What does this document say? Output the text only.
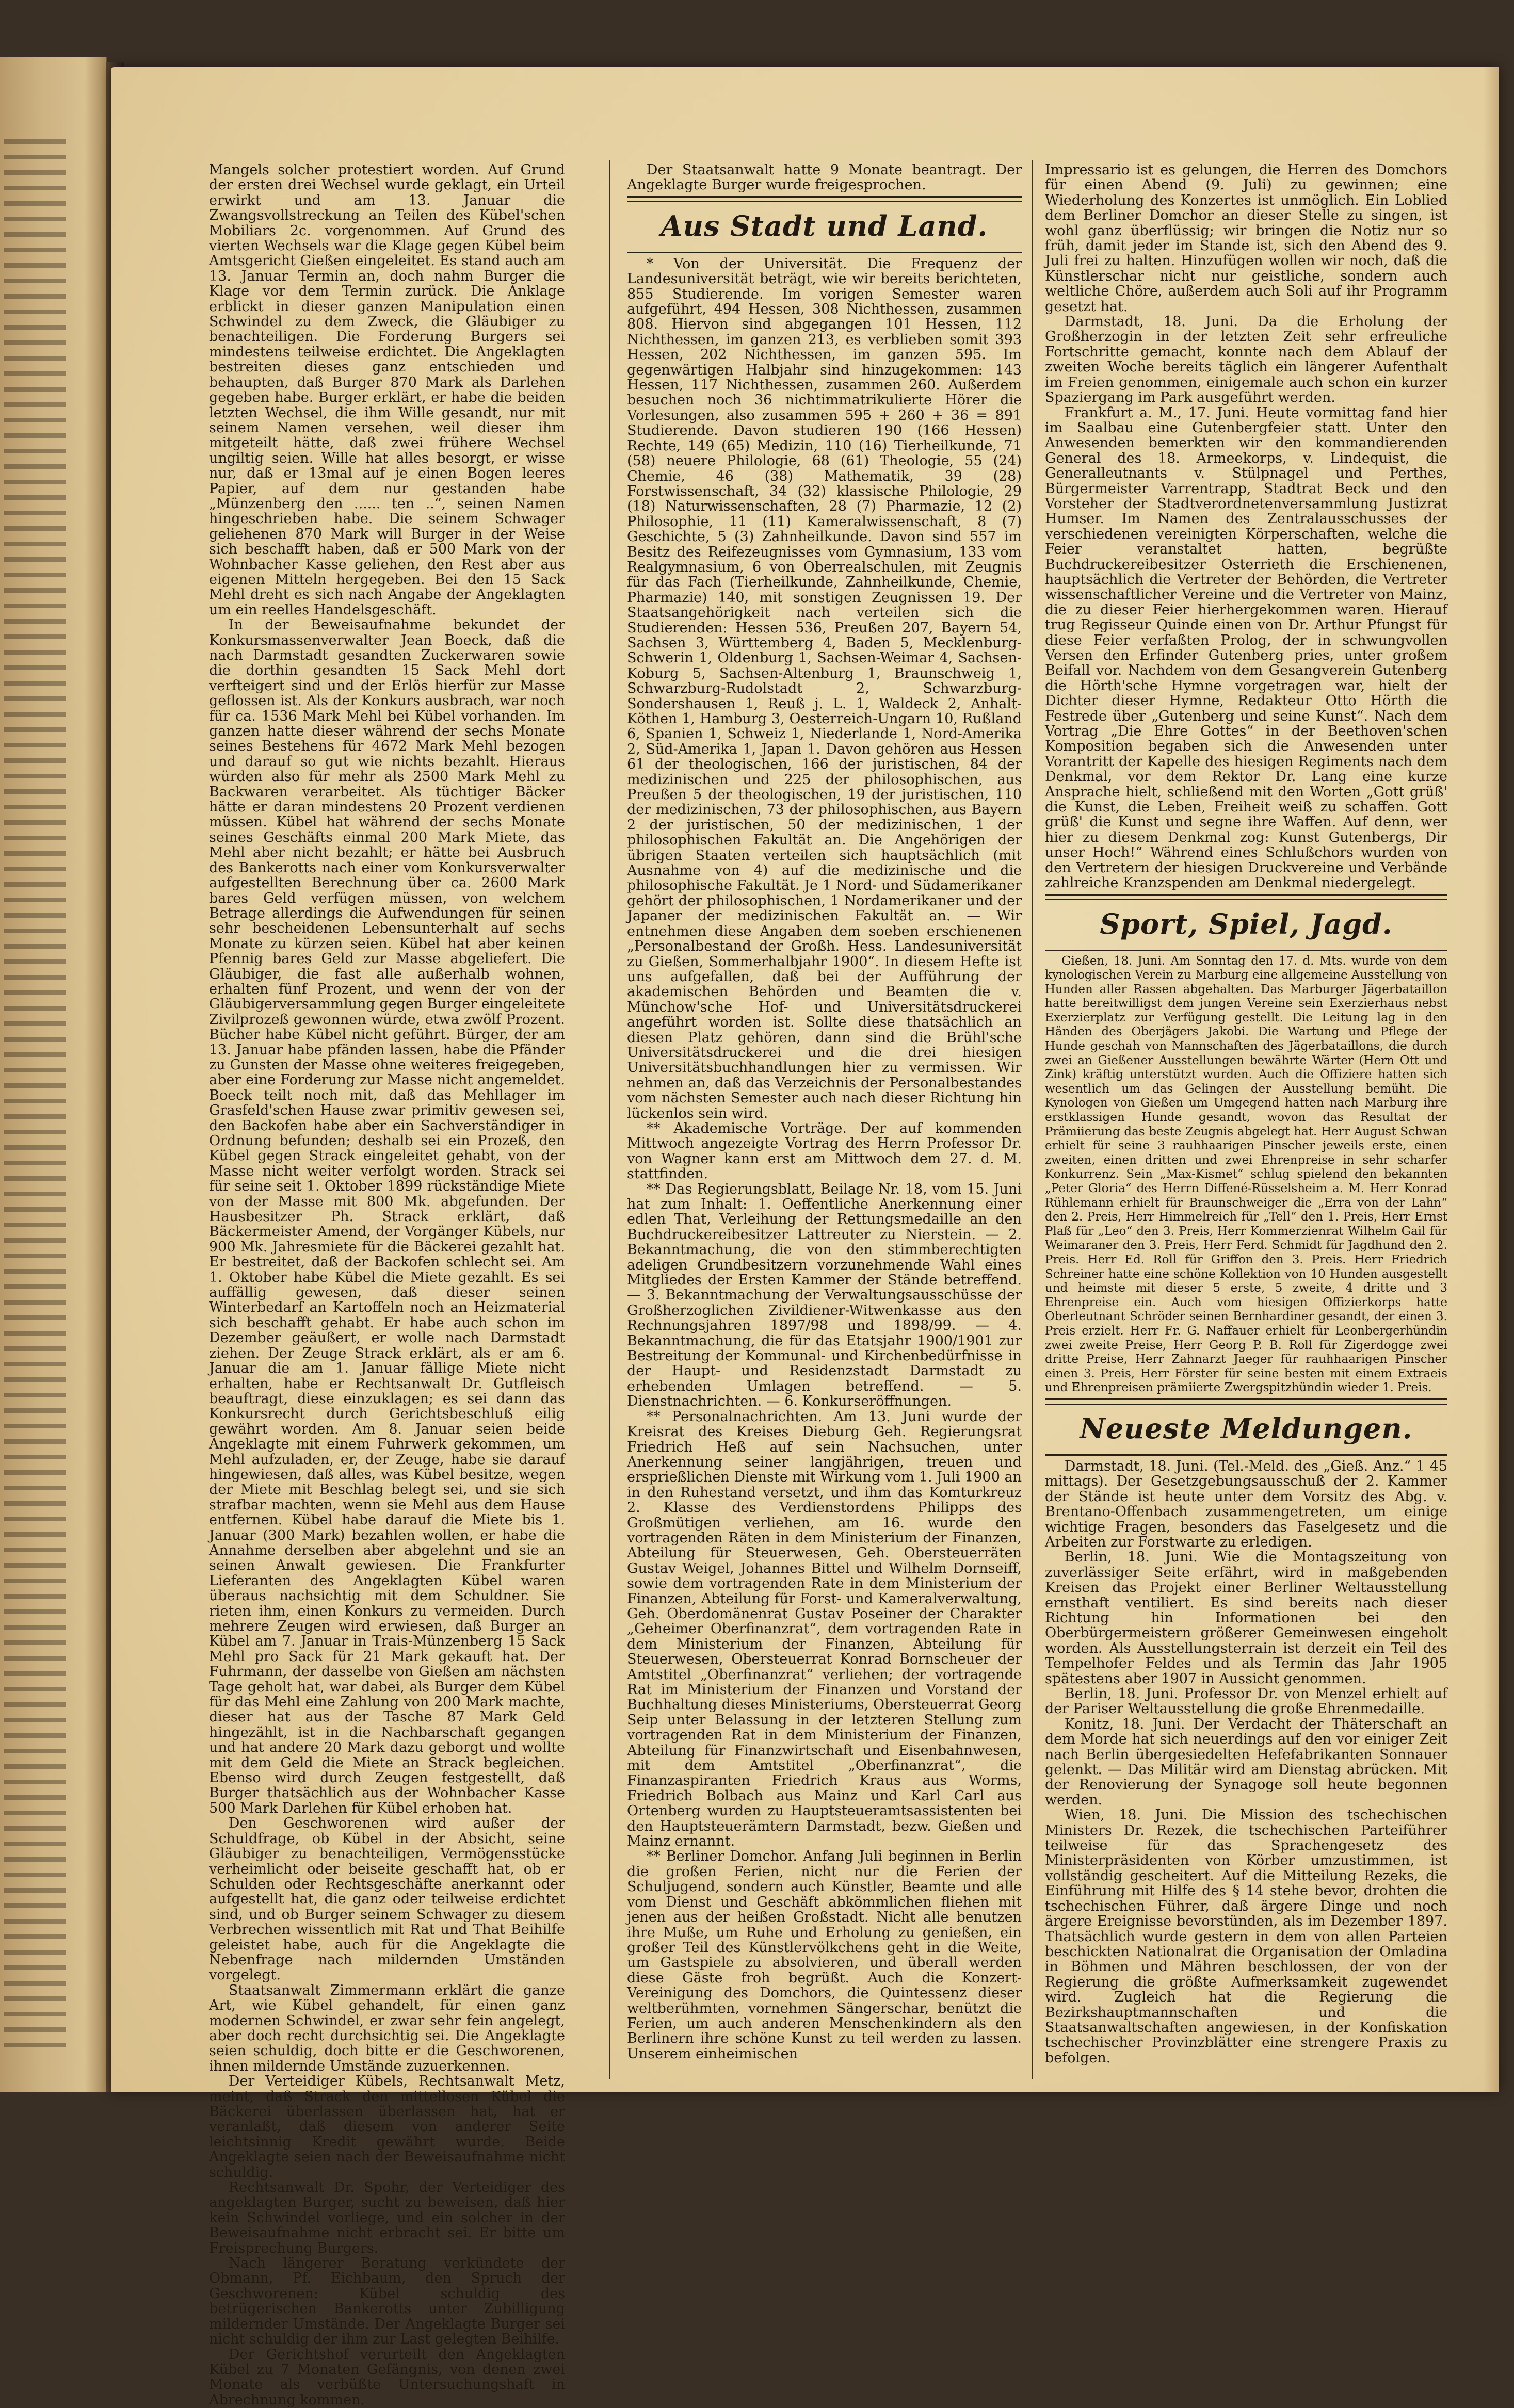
Mangels solcher protestiert worden. Auf Grund der ersten drei Wechsel wurde geklagt, ein Urteil erwirkt und am 13. Januar die Zwangsvollstreckung an Teilen des Kübel'schen Mobiliars 2c. vorgenommen. Auf Grund des vierten Wechsels war die Klage gegen Kübel beim Amtsgericht Gießen eingeleitet. Es stand auch am 13. Januar Termin an, doch nahm Burger die Klage vor dem Termin zurück. Die Anklage erblickt in dieser ganzen Manipulation einen Schwindel zu dem Zweck, die Gläubiger zu benachteiligen. Die Forderung Burgers sei mindestens teilweise erdichtet. Die Angeklagten bestreiten dieses ganz entschieden und behaupten, daß Burger 870 Mark als Darlehen gegeben habe. Burger erklärt, er habe die beiden letzten Wechsel, die ihm Wille gesandt, nur mit seinem Namen versehen, weil dieser ihm mitgeteilt hätte, daß zwei frühere Wechsel ungiltig seien. Wille hat alles besorgt, er wisse nur, daß er 13mal auf je einen Bogen leeres Papier, auf dem nur gestanden habe „Münzenberg den ...... ten ..“, seinen Namen hingeschrieben habe. Die seinem Schwager geliehenen 870 Mark will Burger in der Weise sich beschafft haben, daß er 500 Mark von der Wohnbacher Kasse geliehen, den Rest aber aus eigenen Mitteln hergegeben. Bei den 15 Sack Mehl dreht es sich nach Angabe der Angeklagten um ein reelles Handelsgeschäft.

In der Beweisaufnahme bekundet der Konkursmassenverwalter Jean Boeck, daß die nach Darmstadt gesandten Zuckerwaren sowie die dorthin gesandten 15 Sack Mehl dort verfteigert sind und der Erlös hierfür zur Masse geflossen ist. Als der Konkurs ausbrach, war noch für ca. 1536 Mark Mehl bei Kübel vorhanden. Im ganzen hatte dieser während der sechs Monate seines Bestehens für 4672 Mark Mehl bezogen und darauf so gut wie nichts bezahlt. Hieraus würden also für mehr als 2500 Mark Mehl zu Backwaren verarbeitet. Als tüchtiger Bäcker hätte er daran mindestens 20 Prozent verdienen müssen. Kübel hat während der sechs Monate seines Geschäfts einmal 200 Mark Miete, das Mehl aber nicht bezahlt; er hätte bei Ausbruch des Bankerotts nach einer vom Konkursverwalter aufgestellten Berechnung über ca. 2600 Mark bares Geld verfügen müssen, von welchem Betrage allerdings die Aufwendungen für seinen sehr bescheidenen Lebensunterhalt auf sechs Monate zu kürzen seien. Kübel hat aber keinen Pfennig bares Geld zur Masse abgeliefert. Die Gläubiger, die fast alle außerhalb wohnen, erhalten fünf Prozent, und wenn der von der Gläubigerversammlung gegen Burger eingeleitete Zivilprozeß gewonnen würde, etwa zwölf Prozent. Bücher habe Kübel nicht geführt. Bürger, der am 13. Januar habe pfänden lassen, habe die Pfänder zu Gunsten der Masse ohne weiteres freigegeben, aber eine Forderung zur Masse nicht angemeldet. Boeck teilt noch mit, daß das Mehllager im Grasfeld'schen Hause zwar primitiv gewesen sei, den Backofen habe aber ein Sachverständiger in Ordnung befunden; deshalb sei ein Prozeß, den Kübel gegen Strack eingeleitet gehabt, von der Masse nicht weiter verfolgt worden. Strack sei für seine seit 1. Oktober 1899 rückständige Miete von der Masse mit 800 Mk. abgefunden. Der Hausbesitzer Ph. Strack erklärt, daß Bäckermeister Amend, der Vorgänger Kübels, nur 900 Mk. Jahresmiete für die Bäckerei gezahlt hat. Er bestreitet, daß der Backofen schlecht sei. Am 1. Oktober habe Kübel die Miete gezahlt. Es sei auffällig gewesen, daß dieser seinen Winterbedarf an Kartoffeln noch an Heizmaterial sich beschafft gehabt. Er habe auch schon im Dezember geäußert, er wolle nach Darmstadt ziehen. Der Zeuge Strack erklärt, als er am 6. Januar die am 1. Januar fällige Miete nicht erhalten, habe er Rechtsanwalt Dr. Gutfleisch beauftragt, diese einzuklagen; es sei dann das Konkursrecht durch Gerichtsbeschluß eilig gewährt worden. Am 8. Januar seien beide Angeklagte mit einem Fuhrwerk gekommen, um Mehl aufzuladen, er, der Zeuge, habe sie darauf hingewiesen, daß alles, was Kübel besitze, wegen der Miete mit Beschlag belegt sei, und sie sich strafbar machten, wenn sie Mehl aus dem Hause entfernen. Kübel habe darauf die Miete bis 1. Januar (300 Mark) bezahlen wollen, er habe die Annahme derselben aber abgelehnt und sie an seinen Anwalt gewiesen. Die Frankfurter Lieferanten des Angeklagten Kübel waren überaus nachsichtig mit dem Schuldner. Sie rieten ihm, einen Konkurs zu vermeiden. Durch mehrere Zeugen wird erwiesen, daß Burger an Kübel am 7. Januar in Trais-Münzenberg 15 Sack Mehl pro Sack für 21 Mark gekauft hat. Der Fuhrmann, der dasselbe von Gießen am nächsten Tage geholt hat, war dabei, als Burger dem Kübel für das Mehl eine Zahlung von 200 Mark machte, dieser hat aus der Tasche 87 Mark Geld hingezählt, ist in die Nachbarschaft gegangen und hat andere 20 Mark dazu geborgt und wollte mit dem Geld die Miete an Strack begleichen. Ebenso wird durch Zeugen festgestellt, daß Burger thatsächlich aus der Wohnbacher Kasse 500 Mark Darlehen für Kübel erhoben hat.

Den Geschworenen wird außer der Schuldfrage, ob Kübel in der Absicht, seine Gläubiger zu benachteiligen, Vermögensstücke verheimlicht oder beiseite geschafft hat, ob er Schulden oder Rechtsgeschäfte anerkannt oder aufgestellt hat, die ganz oder teilweise erdichtet sind, und ob Burger seinem Schwager zu diesem Verbrechen wissentlich mit Rat und That Beihilfe geleistet habe, auch für die Angeklagte die Nebenfrage nach mildernden Umständen vorgelegt.

Staatsanwalt Zimmermann erklärt die ganze Art, wie Kübel gehandelt, für einen ganz modernen Schwindel, er zwar sehr fein angelegt, aber doch recht durchsichtig sei. Die Angeklagte seien schuldig, doch bitte er die Geschworenen, ihnen mildernde Umstände zuzuerkennen.

Der Verteidiger Kübels, Rechtsanwalt Metz, meint, daß Strack den mittellosen Kübel die Bäckerei überlassen überlassen hat, hat er veranlaßt, daß diesem von anderer Seite leichtsinnig Kredit gewährt wurde. Beide Angeklagte seien nach der Beweisaufnahme nicht schuldig.

Rechtsanwalt Dr. Spohr, der Verteidiger des angeklagten Burger, sucht zu beweisen, daß hier kein Schwindel vorliege, und ein solcher in der Beweisaufnahme nicht erbracht sei. Er bitte um Freisprechung Burgers.

Nach längerer Beratung verkündete der Obmann, Pf. Eichbaum, den Spruch der Geschworenen: Kübel schuldig des betrügerischen Bankerotts unter Zubilligung mildernder Umstände. Der Angeklagte Burger sei nicht schuldig der ihm zur Last gelegten Beihilfe.

Der Gerichtshof verurteilt den Angeklagten Kübel zu 7 Monaten Gefängnis, von denen zwei Monate als verbüßte Untersuchungshaft in Abrechnung kommen.

Der Staatsanwalt hatte 9 Monate beantragt. Der Angeklagte Burger wurde freigesprochen.

Aus Stadt und Land.

* Von der Universität. Die Frequenz der Landesuniversität beträgt, wie wir bereits berichteten, 855 Studierende. Im vorigen Semester waren aufgeführt, 494 Hessen, 308 Nichthessen, zusammen 808. Hiervon sind abgegangen 101 Hessen, 112 Nichthessen, im ganzen 213, es verblieben somit 393 Hessen, 202 Nichthessen, im ganzen 595. Im gegenwärtigen Halbjahr sind hinzugekommen: 143 Hessen, 117 Nichthessen, zusammen 260. Außerdem besuchen noch 36 nichtimmatrikulierte Hörer die Vorlesungen, also zusammen 595 + 260 + 36 = 891 Studierende. Davon studieren 190 (166 Hessen) Rechte, 149 (65) Medizin, 110 (16) Tierheilkunde, 71 (58) neuere Philologie, 68 (61) Theologie, 55 (24) Chemie, 46 (38) Mathematik, 39 (28) Forstwissenschaft, 34 (32) klassische Philologie, 29 (18) Naturwissenschaften, 28 (7) Pharmazie, 12 (2) Philosophie, 11 (11) Kameralwissenschaft, 8 (7) Geschichte, 5 (3) Zahnheilkunde. Davon sind 557 im Besitz des Reifezeugnisses vom Gymnasium, 133 vom Realgymnasium, 6 von Oberrealschulen, mit Zeugnis für das Fach (Tierheilkunde, Zahnheilkunde, Chemie, Pharmazie) 140, mit sonstigen Zeugnissen 19. Der Staatsangehörigkeit nach verteilen sich die Studierenden: Hessen 536, Preußen 207, Bayern 54, Sachsen 3, Württemberg 4, Baden 5, Mecklenburg-Schwerin 1, Oldenburg 1, Sachsen-Weimar 4, Sachsen-Koburg 5, Sachsen-Altenburg 1, Braunschweig 1, Schwarzburg-Rudolstadt 2, Schwarzburg-Sondershausen 1, Reuß j. L. 1, Waldeck 2, Anhalt-Köthen 1, Hamburg 3, Oesterreich-Ungarn 10, Rußland 6, Spanien 1, Schweiz 1, Niederlande 1, Nord-Amerika 2, Süd-Amerika 1, Japan 1. Davon gehören aus Hessen 61 der theologischen, 166 der juristischen, 84 der medizinischen und 225 der philosophischen, aus Preußen 5 der theologischen, 19 der juristischen, 110 der medizinischen, 73 der philosophischen, aus Bayern 2 der juristischen, 50 der medizinischen, 1 der philosophischen Fakultät an. Die Angehörigen der übrigen Staaten verteilen sich hauptsächlich (mit Ausnahme von 4) auf die medizinische und die philosophische Fakultät. Je 1 Nord- und Südamerikaner gehört der philosophischen, 1 Nordamerikaner und der Japaner der medizinischen Fakultät an. — Wir entnehmen diese Angaben dem soeben erschienenen „Personalbestand der Großh. Hess. Landesuniversität zu Gießen, Sommerhalbjahr 1900“. In diesem Hefte ist uns aufgefallen, daß bei der Aufführung der akademischen Behörden und Beamten die v. Münchow'sche Hof- und Universitätsdruckerei angeführt worden ist. Sollte diese thatsächlich an diesen Platz gehören, dann sind die Brühl'sche Universitätsdruckerei und die drei hiesigen Universitätsbuchhandlungen hier zu vermissen. Wir nehmen an, daß das Verzeichnis der Personalbestandes vom nächsten Semester auch nach dieser Richtung hin lückenlos sein wird.

** Akademische Vorträge. Der auf kommenden Mittwoch angezeigte Vortrag des Herrn Professor Dr. von Wagner kann erst am Mittwoch dem 27. d. M. stattfinden.

** Das Regierungsblatt, Beilage Nr. 18, vom 15. Juni hat zum Inhalt: 1. Oeffentliche Anerkennung einer edlen That, Verleihung der Rettungsmedaille an den Buchdruckereibesitzer Lattreuter zu Nierstein. — 2. Bekanntmachung, die von den stimmberechtigten adeligen Grundbesitzern vorzunehmende Wahl eines Mitgliedes der Ersten Kammer der Stände betreffend. — 3. Bekanntmachung der Verwaltungsausschüsse der Großherzoglichen Zivildiener-Witwenkasse aus den Rechnungsjahren 1897/98 und 1898/99. — 4. Bekanntmachung, die für das Etatsjahr 1900/1901 zur Bestreitung der Kommunal- und Kirchenbedürfnisse in der Haupt- und Residenzstadt Darmstadt zu erhebenden Umlagen betreffend. — 5. Dienstnachrichten. — 6. Konkurseröffnungen.

** Personalnachrichten. Am 13. Juni wurde der Kreisrat des Kreises Dieburg Geh. Regierungsrat Friedrich Heß auf sein Nachsuchen, unter Anerkennung seiner langjährigen, treuen und ersprießlichen Dienste mit Wirkung vom 1. Juli 1900 an in den Ruhestand versetzt, und ihm das Komturkreuz 2. Klasse des Verdienstordens Philipps des Großmütigen verliehen, am 16. wurde den vortragenden Räten in dem Ministerium der Finanzen, Abteilung für Steuerwesen, Geh. Obersteuerräten Gustav Weigel, Johannes Bittel und Wilhelm Dornseiff, sowie dem vortragenden Rate in dem Ministerium der Finanzen, Abteilung für Forst- und Kameralverwaltung, Geh. Oberdomänenrat Gustav Poseiner der Charakter „Geheimer Oberfinanzrat“, dem vortragenden Rate in dem Ministerium der Finanzen, Abteilung für Steuerwesen, Obersteuerrat Konrad Bornscheuer der Amtstitel „Oberfinanzrat“ verliehen; der vortragende Rat im Ministerium der Finanzen und Vorstand der Buchhaltung dieses Ministeriums, Obersteuerrat Georg Seip unter Belassung in der letzteren Stellung zum vortragenden Rat in dem Ministerium der Finanzen, Abteilung für Finanzwirtschaft und Eisenbahnwesen, mit dem Amtstitel „Oberfinanzrat“, die Finanzaspiranten Friedrich Kraus aus Worms, Friedrich Bolbach aus Mainz und Karl Carl aus Ortenberg wurden zu Hauptsteueramtsassistenten bei den Hauptsteuerämtern Darmstadt, bezw. Gießen und Mainz ernannt.

** Berliner Domchor. Anfang Juli beginnen in Berlin die großen Ferien, nicht nur die Ferien der Schuljugend, sondern auch Künstler, Beamte und alle vom Dienst und Geschäft abkömmlichen fliehen mit jenen aus der heißen Großstadt. Nicht alle benutzen ihre Muße, um Ruhe und Erholung zu genießen, ein großer Teil des Künstlervölkchens geht in die Weite, um Gastspiele zu absolvieren, und überall werden diese Gäste froh begrüßt. Auch die Konzert-Vereinigung des Domchors, die Quintessenz dieser weltberühmten, vornehmen Sängerschar, benützt die Ferien, um auch anderen Menschenkindern als den Berlinern ihre schöne Kunst zu teil werden zu lassen. Unserem einheimischen

Impressario ist es gelungen, die Herren des Domchors für einen Abend (9. Juli) zu gewinnen; eine Wiederholung des Konzertes ist unmöglich. Ein Loblied dem Berliner Domchor an dieser Stelle zu singen, ist wohl ganz überflüssig; wir bringen die Notiz nur so früh, damit jeder im Stande ist, sich den Abend des 9. Juli frei zu halten. Hinzufügen wollen wir noch, daß die Künstlerschar nicht nur geistliche, sondern auch weltliche Chöre, außerdem auch Soli auf ihr Programm gesetzt hat.

Darmstadt, 18. Juni. Da die Erholung der Großherzogin in der letzten Zeit sehr erfreuliche Fortschritte gemacht, konnte nach dem Ablauf der zweiten Woche bereits täglich ein längerer Aufenthalt im Freien genommen, einigemale auch schon ein kurzer Spaziergang im Park ausgeführt werden.

Frankfurt a. M., 17. Juni. Heute vormittag fand hier im Saalbau eine Gutenbergfeier statt. Unter den Anwesenden bemerkten wir den kommandierenden General des 18. Armeekorps, v. Lindequist, die Generalleutnants v. Stülpnagel und Perthes, Bürgermeister Varrentrapp, Stadtrat Beck und den Vorsteher der Stadtverordnetenversammlung Justizrat Humser. Im Namen des Zentralausschusses der verschiedenen vereinigten Körperschaften, welche die Feier veranstaltet hatten, begrüßte Buchdruckereibesitzer Osterrieth die Erschienenen, hauptsächlich die Vertreter der Behörden, die Vertreter wissenschaftlicher Vereine und die Vertreter von Mainz, die zu dieser Feier hierhergekommen waren. Hierauf trug Regisseur Quinde einen von Dr. Arthur Pfungst für diese Feier verfaßten Prolog, der in schwungvollen Versen den Erfinder Gutenberg pries, unter großem Beifall vor. Nachdem von dem Gesangverein Gutenberg die Hörth'sche Hymne vorgetragen war, hielt der Dichter dieser Hymne, Redakteur Otto Hörth die Festrede über „Gutenberg und seine Kunst“. Nach dem Vortrag „Die Ehre Gottes“ in der Beethoven'schen Komposition begaben sich die Anwesenden unter Vorantritt der Kapelle des hiesigen Regiments nach dem Denkmal, vor dem Rektor Dr. Lang eine kurze Ansprache hielt, schließend mit den Worten „Gott grüß' die Kunst, die Leben, Freiheit weiß zu schaffen. Gott grüß' die Kunst und segne ihre Waffen. Auf denn, wer hier zu diesem Denkmal zog: Kunst Gutenbergs, Dir unser Hoch!“ Während eines Schlußchors wurden von den Vertretern der hiesigen Druckvereine und Verbände zahlreiche Kranzspenden am Denkmal niedergelegt.

Sport, Spiel, Jagd.

Gießen, 18. Juni. Am Sonntag den 17. d. Mts. wurde von dem kynologischen Verein zu Marburg eine allgemeine Ausstellung von Hunden aller Rassen abgehalten. Das Marburger Jägerbataillon hatte bereitwilligst dem jungen Vereine sein Exerzierhaus nebst Exerzierplatz zur Verfügung gestellt. Die Leitung lag in den Händen des Oberjägers Jakobi. Die Wartung und Pflege der Hunde geschah von Mannschaften des Jägerbataillons, die durch zwei an Gießener Ausstellungen bewährte Wärter (Hern Ott und Zink) kräftig unterstützt wurden. Auch die Offiziere hatten sich wesentlich um das Gelingen der Ausstellung bemüht. Die Kynologen von Gießen um Umgegend hatten nach Marburg ihre erstklassigen Hunde gesandt, wovon das Resultat der Prämiierung das beste Zeugnis abgelegt hat. Herr August Schwan erhielt für seine 3 rauhhaarigen Pinscher jeweils erste, einen zweiten, einen dritten und zwei Ehrenpreise in sehr scharfer Konkurrenz. Sein „Max-Kismet“ schlug spielend den bekannten „Peter Gloria“ des Herrn Diffené-Rüsselsheim a. M. Herr Konrad Rühlemann erhielt für Braunschweiger die „Erra von der Lahn“ den 2. Preis, Herr Himmelreich für „Tell“ den 1. Preis, Herr Ernst Plaß für „Leo“ den 3. Preis, Herr Kommerzienrat Wilhelm Gail für Weimaraner den 3. Preis, Herr Ferd. Schmidt für Jagdhund den 2. Preis. Herr Ed. Roll für Griffon den 3. Preis. Herr Friedrich Schreiner hatte eine schöne Kollektion von 10 Hunden ausgestellt und heimste mit dieser 5 erste, 5 zweite, 4 dritte und 3 Ehrenpreise ein. Auch vom hiesigen Offizierkorps hatte Oberleutnant Schröder seinen Bernhardiner gesandt, der einen 3. Preis erzielt. Herr Fr. G. Naffauer erhielt für Leonbergerhündin zwei zweite Preise, Herr Georg P. B. Roll für Zigerdogge zwei dritte Preise, Herr Zahnarzt Jaeger für rauhhaarigen Pinscher einen 3. Preis, Herr Förster für seine besten mit einem Extraeis und Ehrenpreisen prämiierte Zwergspitzhündin wieder 1. Preis.

Neueste Meldungen.

Darmstadt, 18. Juni. (Tel.-Meld. des „Gieß. Anz.“ 1 45 mittags). Der Gesetzgebungsausschuß der 2. Kammer der Stände ist heute unter dem Vorsitz des Abg. v. Brentano-Offenbach zusammengetreten, um einige wichtige Fragen, besonders das Faselgesetz und die Arbeiten zur Forstwarte zu erledigen.

Berlin, 18. Juni. Wie die Montagszeitung von zuverlässiger Seite erfährt, wird in maßgebenden Kreisen das Projekt einer Berliner Weltausstellung ernsthaft ventiliert. Es sind bereits nach dieser Richtung hin Informationen bei den Oberbürgermeistern größerer Gemeinwesen eingeholt worden. Als Ausstellungsterrain ist derzeit ein Teil des Tempelhofer Feldes und als Termin das Jahr 1905 spätestens aber 1907 in Aussicht genommen.

Berlin, 18. Juni. Professor Dr. von Menzel erhielt auf der Pariser Weltausstellung die große Ehrenmedaille.

Konitz, 18. Juni. Der Verdacht der Thäterschaft an dem Morde hat sich neuerdings auf den vor einiger Zeit nach Berlin übergesiedelten Hefefabrikanten Sonnauer gelenkt. — Das Militär wird am Dienstag abrücken. Mit der Renovierung der Synagoge soll heute begonnen werden.

Wien, 18. Juni. Die Mission des tschechischen Ministers Dr. Rezek, die tschechischen Parteiführer teilweise für das Sprachengesetz des Ministerpräsidenten von Körber umzustimmen, ist vollständig gescheitert. Auf die Mitteilung Rezeks, die Einführung mit Hilfe des § 14 stehe bevor, drohten die tschechischen Führer, daß ärgere Dinge und noch ärgere Ereignisse bevorstünden, als im Dezember 1897. Thatsächlich wurde gestern in dem von allen Parteien beschickten Nationalrat die Organisation der Omladina in Böhmen und Mähren beschlossen, der von der Regierung die größte Aufmerksamkeit zugewendet wird. Zugleich hat die Regierung die Bezirkshauptmannschaften und die Staatsanwaltschaften angewiesen, in der Konfiskation tschechischer Provinzblätter eine strengere Praxis zu befolgen.
